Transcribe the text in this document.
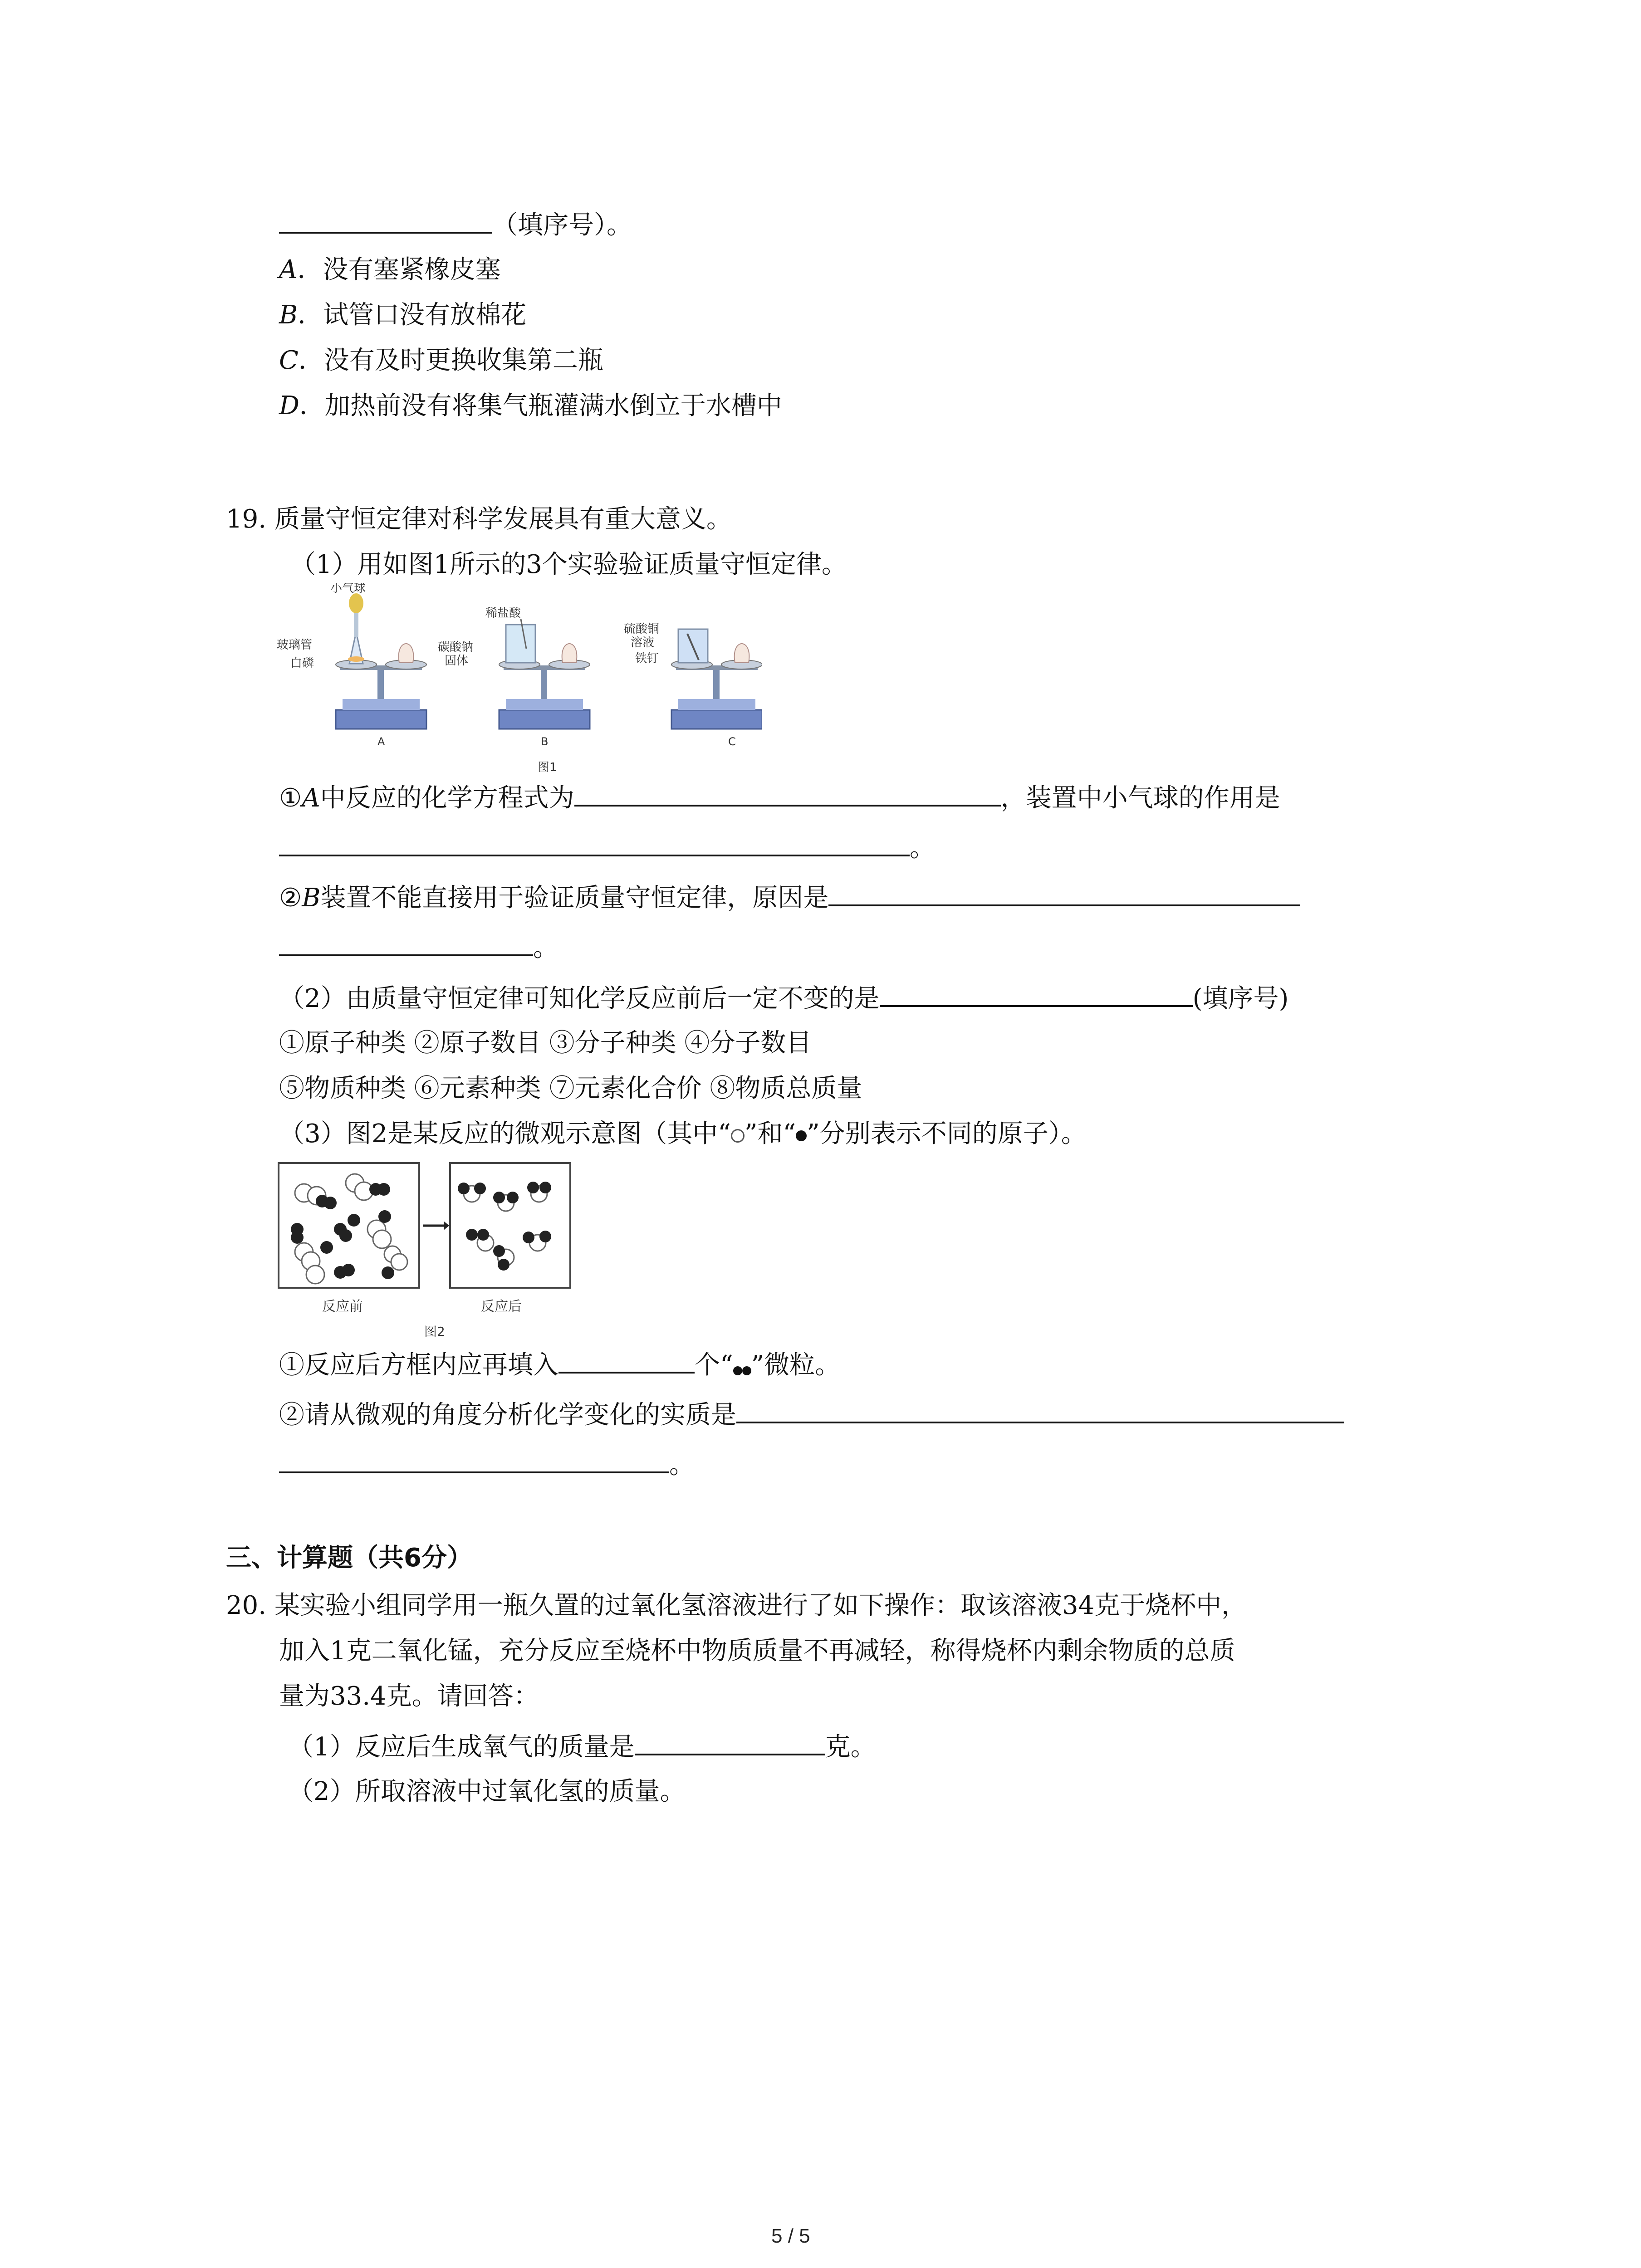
（填序号）。
A．没有塞紧橡皮塞
B．试管口没有放棉花
C．没有及时更换收集第二瓶
D．加热前没有将集气瓶灌满水倒立于水槽中
19. 质量守恒定律对科学发展具有重大意义。
（1）用如图1所示的3个实验验证质量守恒定律。
小气球
玻璃管
白磷
稀盐酸
碳酸钠
固体
硫酸铜
溶液
铁钉
A	B	C
图1
①A中反应的化学方程式为	，装置中小气球的作用是
。
②B装置不能直接用于验证质量守恒定律，原因是
。
（2）由质量守恒定律可知化学反应前后一定不变的是	(填序号)
①原子种类 ②原子数目 ③分子种类 ④分子数目
⑤物质种类 ⑥元素种类 ⑦元素化合价 ⑧物质总质量
（3）图2是某反应的微观示意图（其中“ ”和“ ”分别表示不同的原子）。
反应前	反应后
图2
①反应后方框内应再填入	个“ ”微粒。
②请从微观的角度分析化学变化的实质是
。
三、计算题（共6分）
20. 某实验小组同学用一瓶久置的过氧化氢溶液进行了如下操作：取该溶液34克于烧杯中，
加入1克二氧化锰，充分反应至烧杯中物质质量不再减轻，称得烧杯内剩余物质的总质
量为33.4克。请回答：
（1）反应后生成氧气的质量是	克。
（2）所取溶液中过氧化氢的质量。
5 / 5
